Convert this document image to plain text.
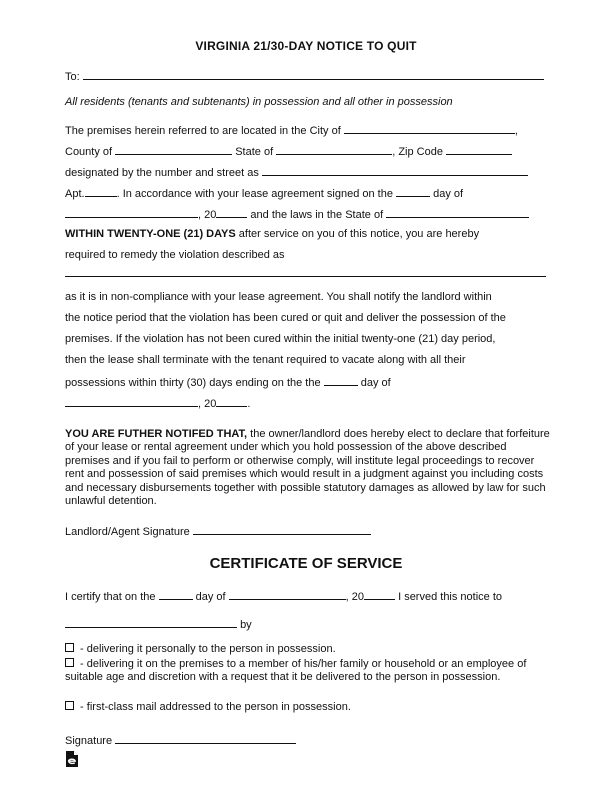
VIRGINIA 21/30-DAY NOTICE TO QUIT
To:
All residents (tenants and subtenants) in possession and all other in possession
The premises herein referred to are located in the City of	,
County of	State of	, Zip Code
designated by the number and street as
Apt.	. In accordance with your lease agreement signed on the	day of
, 20	and the laws in the State of
WITHIN TWENTY-ONE (21) DAYS after service on you of this notice, you are hereby
required to remedy the violation described as
as it is in non-compliance with your lease agreement. You shall notify the landlord within
the notice period that the violation has been cured or quit and deliver the possession of the
premises. If the violation has not been cured within the initial twenty-one (21) day period,
then the lease shall terminate with the tenant required to vacate along with all their
possessions within thirty (30) days ending on the the	day of
, 20	.
YOU ARE FUTHER NOTIFED THAT, the owner/landlord does hereby elect to declare that forfeiture of your lease or rental agreement under which you hold possession of the above described premises and if you fail to perform or otherwise comply, will institute legal proceedings to recover rent and possession of said premises which would result in a judgment against you including costs and necessary disbursements together with possible statutory damages as allowed by law for such unlawful detention.
Landlord/Agent Signature
CERTIFICATE OF SERVICE
I certify that on the	day of	, 20	I served this notice to
by
- delivering it personally to the person in possession.
- delivering it on the premises to a member of his/her family or household or an employee of suitable age and discretion with a request that it be delivered to the person in possession.
- first-class mail addressed to the person in possession.
Signature
